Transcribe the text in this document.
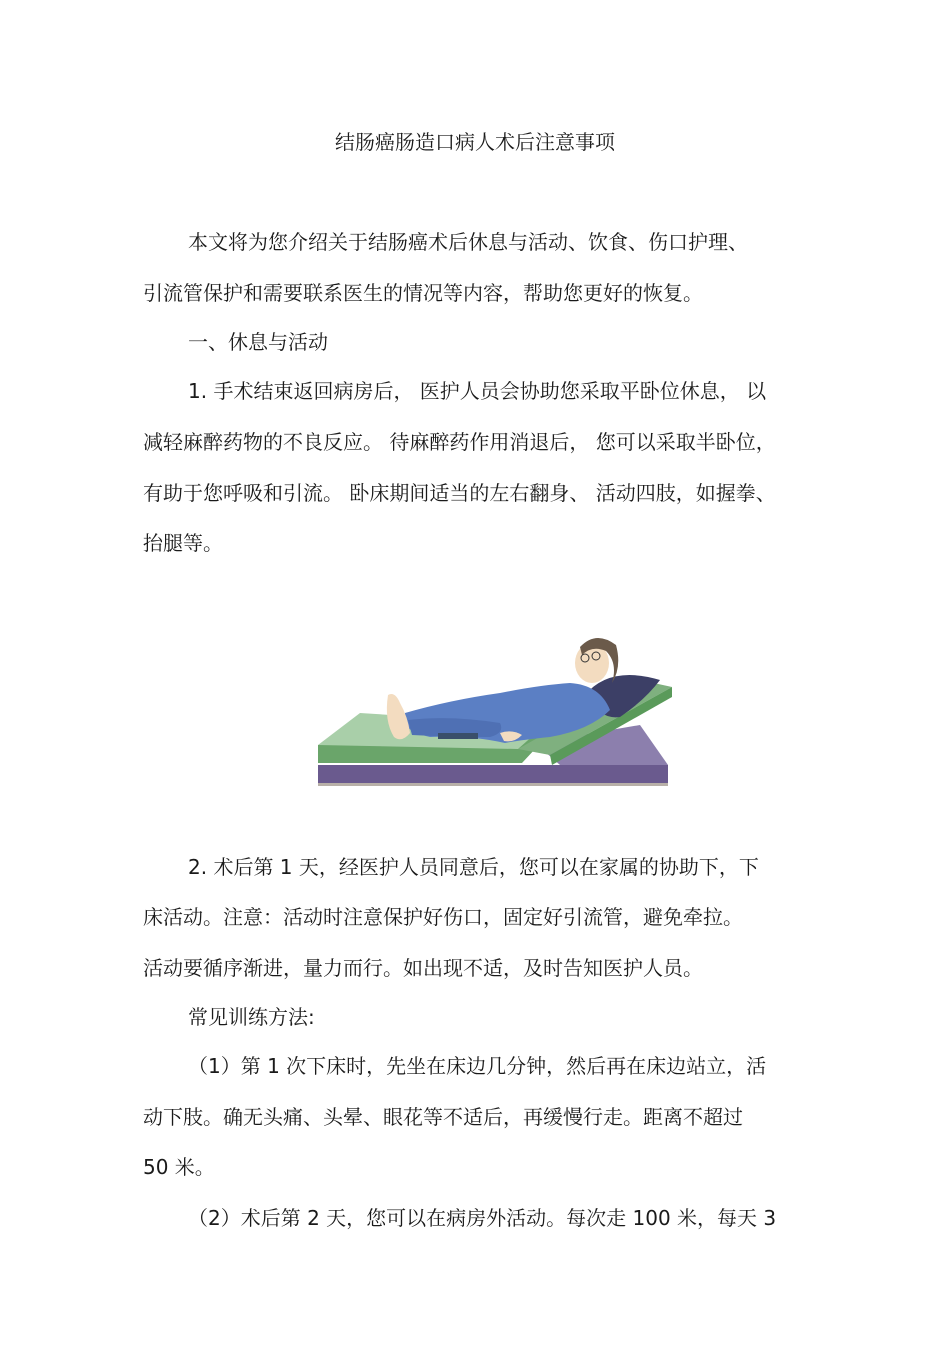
结肠癌肠造口病人术后注意事项
本文将为您介绍关于结肠癌术后休息与活动、饮食、伤口护理、
引流管保护和需要联系医生的情况等内容，帮助您更好的恢复。
一、休息与活动
1. 手术结束返回病房后， 医护人员会协助您采取平卧位休息， 以
减轻麻醉药物的不良反应。 待麻醉药作用消退后， 您可以采取半卧位，
有助于您呼吸和引流。 卧床期间适当的左右翻身、 活动四肢，如握拳、
抬腿等。
2. 术后第 1 天，经医护人员同意后，您可以在家属的协助下，下
床活动。注意：活动时注意保护好伤口，固定好引流管，避免牵拉。
活动要循序渐进，量力而行。如出现不适，及时告知医护人员。
常见训练方法:
（1）第 1 次下床时，先坐在床边几分钟，然后再在床边站立，活
动下肢。确无头痛、头晕、眼花等不适后，再缓慢行走。距离不超过
50 米。
（2）术后第 2 天，您可以在病房外活动。每次走 100 米，每天 3
